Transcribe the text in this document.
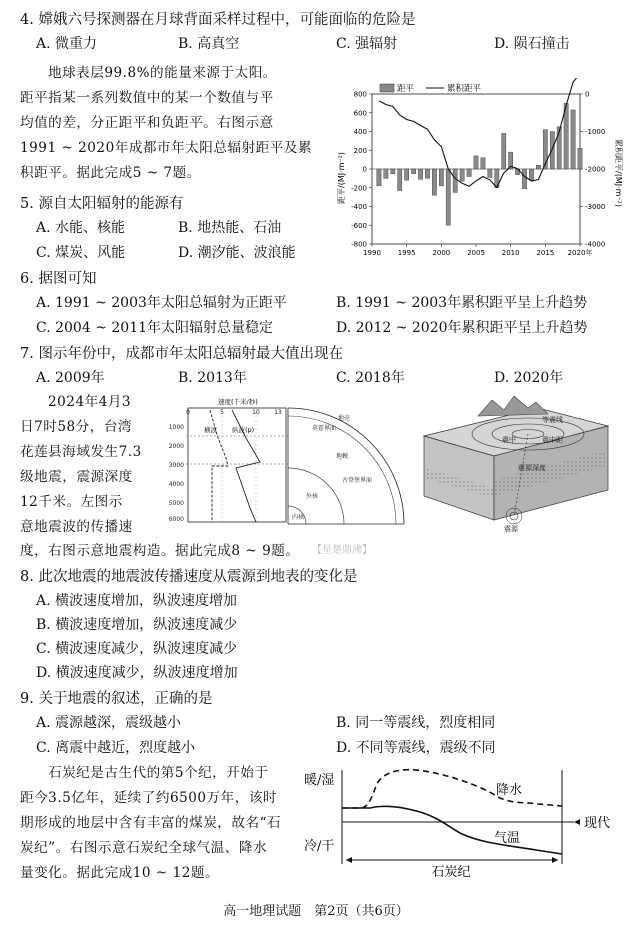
4. 嫦娥六号探测器在月球背面采样过程中，可能面临的危险是
A. 微重力	B. 高真空	C. 强辐射	D. 陨石撞击
地球表层99.8%的能量来源于太阳。
距平指某一系列数值中的某一个数值与平
均值的差，分正距平和负距平。右图示意
1991 ~ 2020年成都市年太阳总辐射距平及累
积距平。据此完成5 ~ 7题。	距平/(MJ·m⁻²)	累积距平/(MJ·m⁻²)
800
600
400
200
0
-200
-400
-600
-800
0
-1000
-2000
-3000
-4000
1990 1995 2000 2005 2010 2015 2020年
距平	累积距平
5. 源自太阳辐射的能源有
A. 水能、核能	B. 地热能、石油
C. 煤炭、风能	D. 潮汐能、波浪能
6. 据图可知
A. 1991 ~ 2003年太阳总辐射为正距平	B. 1991 ~ 2003年累积距平呈上升趋势
C. 2004 ~ 2011年太阳辐射总量稳定	D. 2012 ~ 2020年累积距平呈上升趋势
7. 图示年份中，成都市年太阳总辐射最大值出现在
A. 2009年	B. 2013年	C. 2018年	D. 2020年
2024年4月3
日7时58分，台湾
花莲县海域发生7.3
级地震，震源深度
12千米。左图示
意地震波的传播速
度，右图示意地震构造。据此完成8 ~ 9题。 【星楚鼎沸】
速度(千米/秒)
0	5	10 13
1000
2000
3000
4000
5000
6000
横波 纵波(p)
地壳
莫霍界面
地幔
古登堡界面
外核
内核
等震线
震中	震中距
震源
震源深度
8. 此次地震的地震波传播速度从震源到地表的变化是
A. 横波速度增加，纵波速度增加
B. 横波速度增加，纵波速度减少
C. 横波速度减少，纵波速度减少
D. 横波速度减少，纵波速度增加
9. 关于地震的叙述，正确的是
A. 震源越深，震级越小	B. 同一等震线，烈度相同
C. 离震中越近，烈度越小	D. 不同等震线，震级不同
石炭纪是古生代的第5个纪，开始于
距今3.5亿年，延续了约6500万年，该时
期形成的地层中含有丰富的煤炭，故名“石
炭纪”。右图示意石炭纪全球气温、降水
量变化。据此完成10 ~ 12题。
暖/湿
冷/干
降水
气温
现代
石炭纪
高一地理试题　第2页（共6页）
